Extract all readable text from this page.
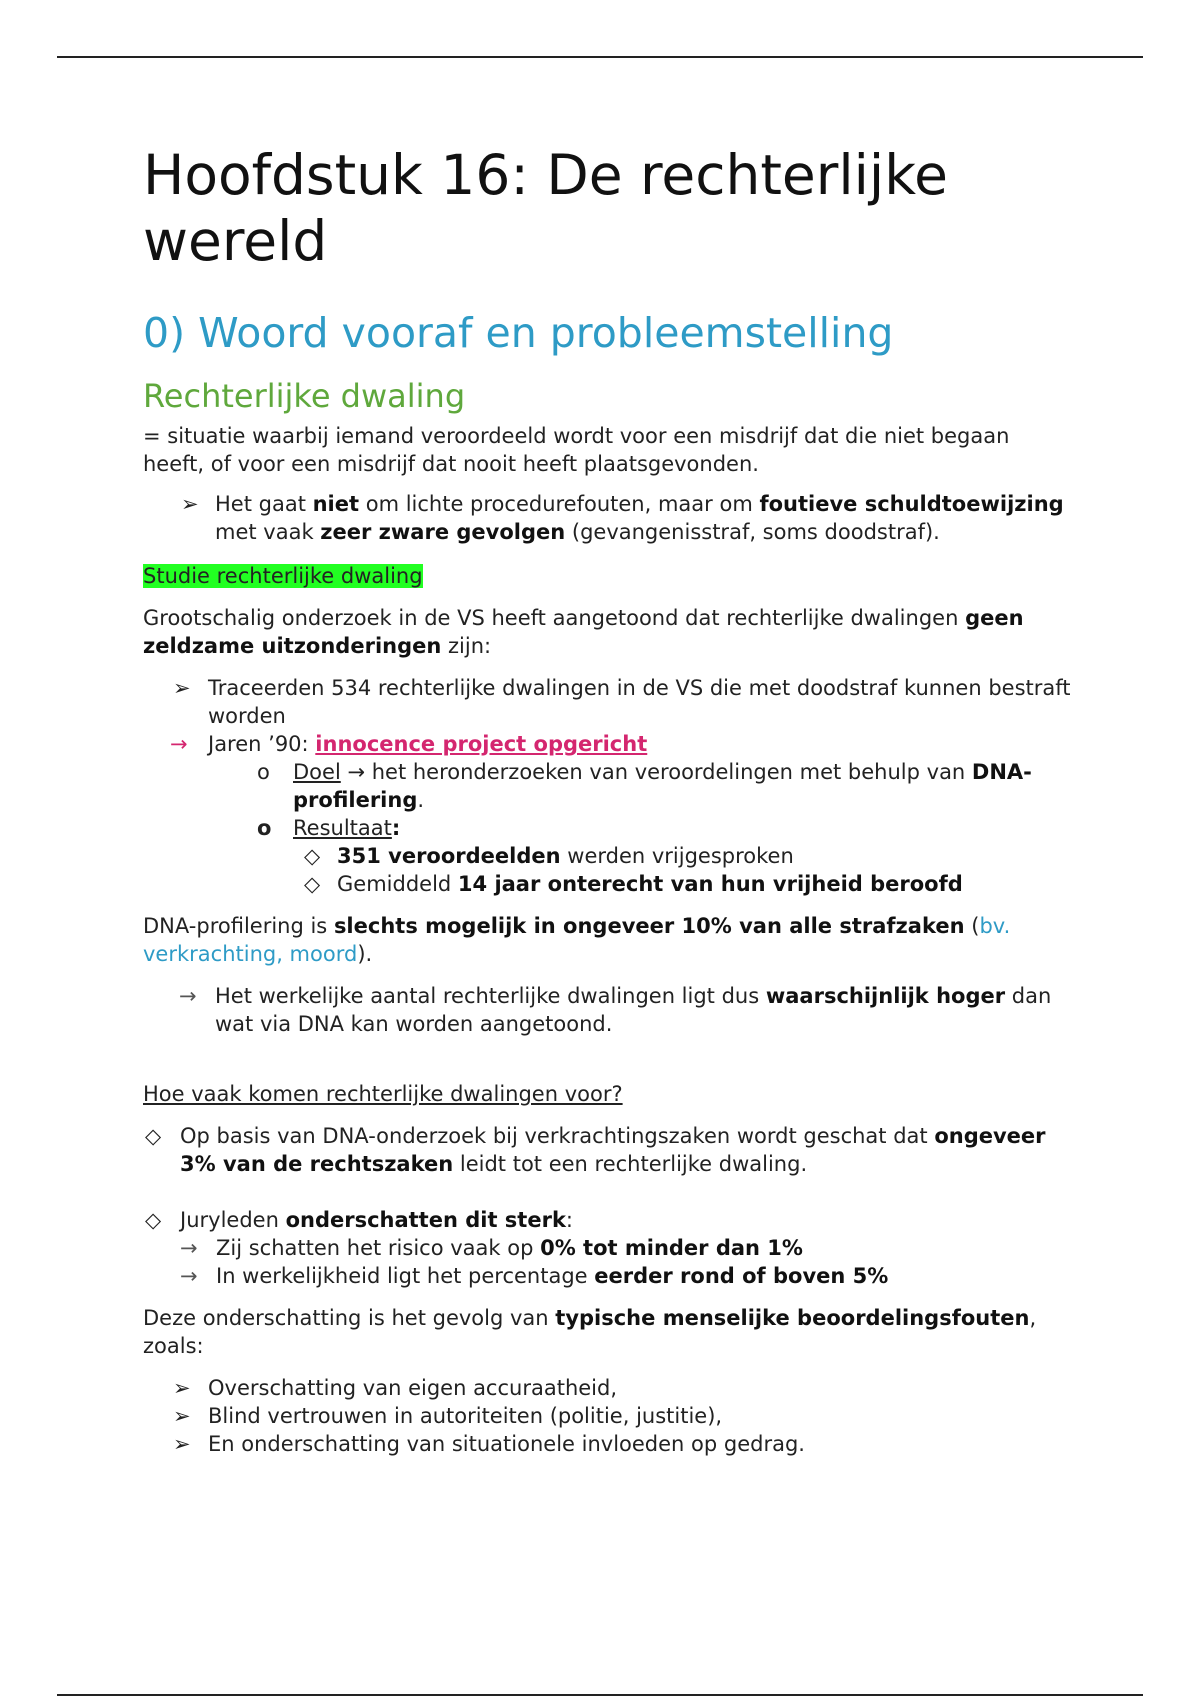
Hoofdstuk 16: De rechterlijke wereld
0) Woord vooraf en probleemstelling
Rechterlijke dwaling

= situatie waarbij iemand veroordeeld wordt voor een misdrijf dat die niet begaan heeft, of voor een misdrijf dat nooit heeft plaatsgevonden.

➢ Het gaat niet om lichte procedurefouten, maar om foutieve schuldtoewijzing met vaak zeer zware gevolgen (gevangenisstraf, soms doodstraf).

Studie rechterlijke dwaling

Grootschalig onderzoek in de VS heeft aangetoond dat rechterlijke dwalingen geen zeldzame uitzonderingen zijn:

➢ Traceerden 534 rechterlijke dwalingen in de VS die met doodstraf kunnen bestraft worden
→ Jaren ’90: innocence project opgericht
o Doel → het heronderzoeken van veroordelingen met behulp van DNA-profilering.
o Resultaat:
◇ 351 veroordeelden werden vrijgesproken
◇ Gemiddeld 14 jaar onterecht van hun vrijheid beroofd

DNA-profilering is slechts mogelijk in ongeveer 10% van alle strafzaken (bv. verkrachting, moord).

→ Het werkelijke aantal rechterlijke dwalingen ligt dus waarschijnlijk hoger dan wat via DNA kan worden aangetoond.

Hoe vaak komen rechterlijke dwalingen voor?

◇ Op basis van DNA-onderzoek bij verkrachtingszaken wordt geschat dat ongeveer 3% van de rechtszaken leidt tot een rechterlijke dwaling.
◇ Juryleden onderschatten dit sterk:
→ Zij schatten het risico vaak op 0% tot minder dan 1%
→ In werkelijkheid ligt het percentage eerder rond of boven 5%

Deze onderschatting is het gevolg van typische menselijke beoordelingsfouten, zoals:

➢ Overschatting van eigen accuraatheid,
➢ Blind vertrouwen in autoriteiten (politie, justitie),
➢ En onderschatting van situationele invloeden op gedrag.
